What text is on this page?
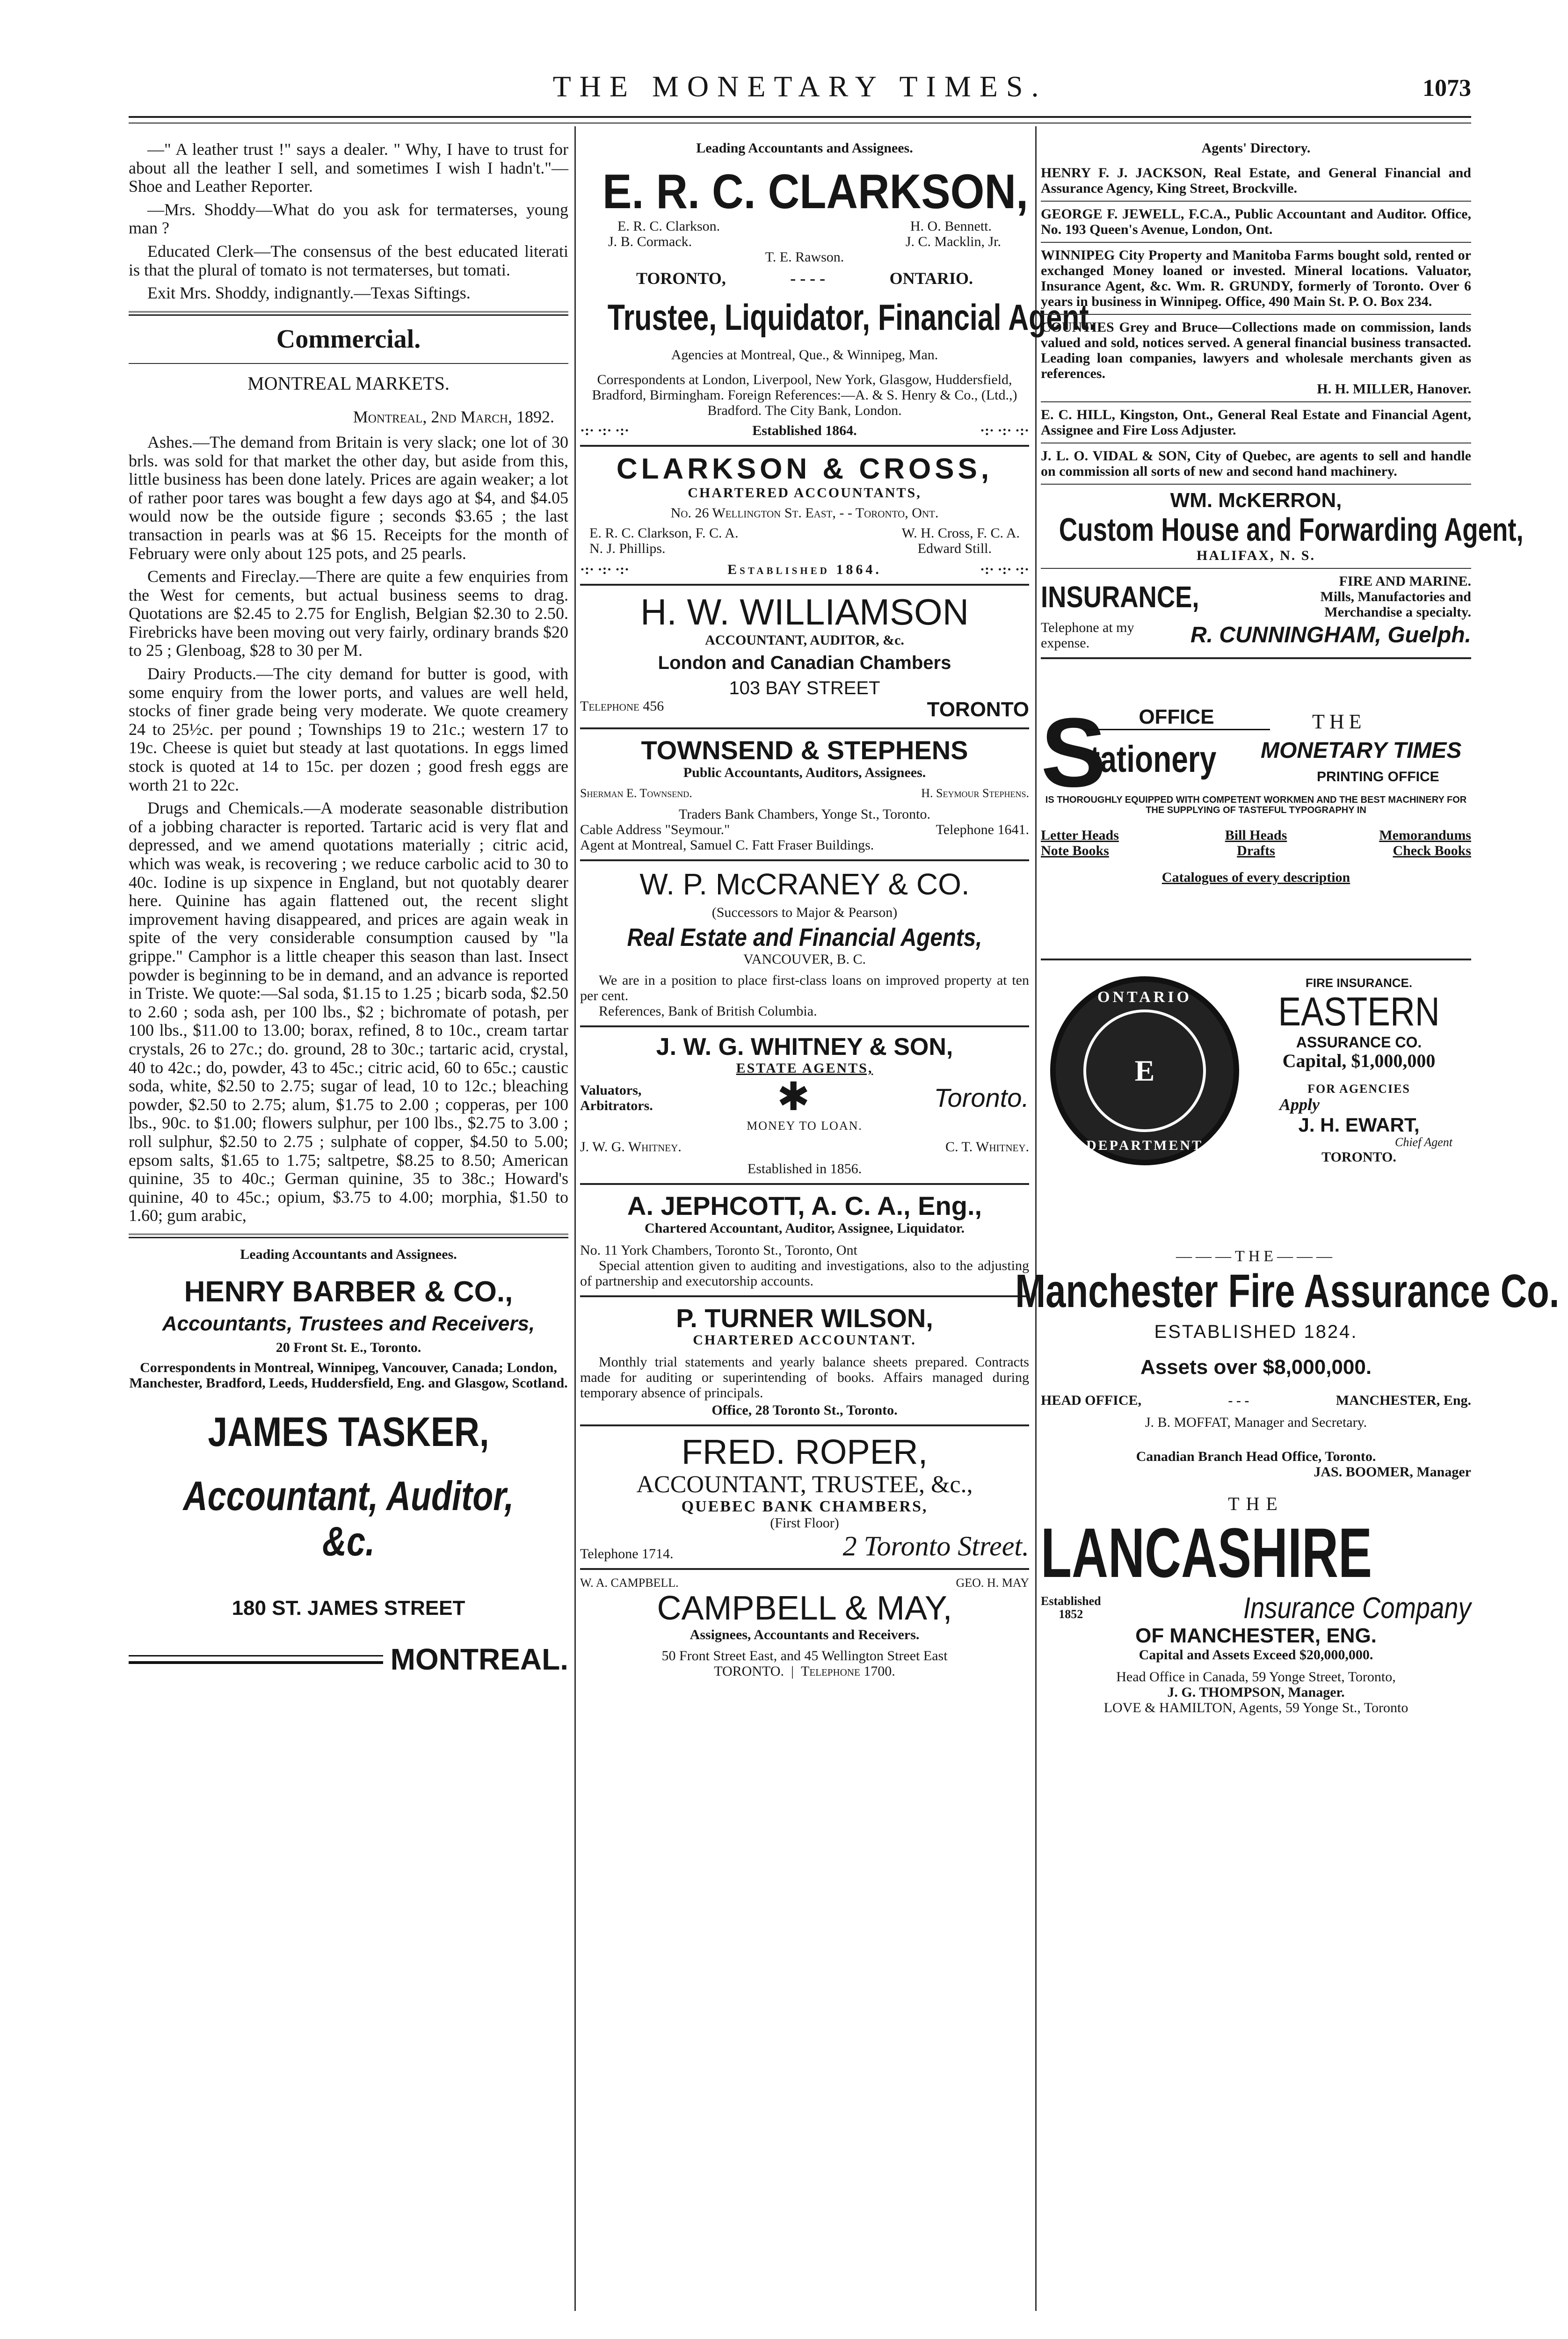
THE MONETARY TIMES.	1073

—" A leather trust !" says a dealer. " Why, I have to trust for about all the leather I sell, and sometimes I wish I hadn't."—Shoe and Leather Reporter.

—Mrs. Shoddy—What do you ask for termaterses, young man ?

Educated Clerk—The consensus of the best educated literati is that the plural of tomato is not termaterses, but tomati.

Exit Mrs. Shoddy, indignantly.—Texas Siftings.

Commercial.
MONTREAL MARKETS.
Montreal, 2nd March, 1892.

Ashes.—The demand from Britain is very slack; one lot of 30 brls. was sold for that market the other day, but aside from this, little business has been done lately. Prices are again weaker; a lot of rather poor tares was bought a few days ago at $4, and $4.05 would now be the outside figure ; seconds $3.65 ; the last transaction in pearls was at $6 15. Receipts for the month of February were only about 125 pots, and 25 pearls.

Cements and Fireclay.—There are quite a few enquiries from the West for cements, but actual business seems to drag. Quotations are $2.45 to 2.75 for English, Belgian $2.30 to 2.50. Firebricks have been moving out very fairly, ordinary brands $20 to 25 ; Glenboag, $28 to 30 per M.

Dairy Products.—The city demand for butter is good, with some enquiry from the lower ports, and values are well held, stocks of finer grade being very moderate. We quote creamery 24 to 25½c. per pound ; Townships 19 to 21c.; western 17 to 19c. Cheese is quiet but steady at last quotations. In eggs limed stock is quoted at 14 to 15c. per dozen ; good fresh eggs are worth 21 to 22c.

Drugs and Chemicals.—A moderate seasonable distribution of a jobbing character is reported. Tartaric acid is very flat and depressed, and we amend quotations materially ; citric acid, which was weak, is recovering ; we reduce carbolic acid to 30 to 40c. Iodine is up sixpence in England, but not quotably dearer here. Quinine has again flattened out, the recent slight improvement having disappeared, and prices are again weak in spite of the very considerable consumption caused by "la grippe." Camphor is a little cheaper this season than last. Insect powder is beginning to be in demand, and an advance is reported in Triste. We quote:—Sal soda, $1.15 to 1.25 ; bicarb soda, $2.50 to 2.60 ; soda ash, per 100 lbs., $2 ; bichromate of potash, per 100 lbs., $11.00 to 13.00; borax, refined, 8 to 10c., cream tartar crystals, 26 to 27c.; do. ground, 28 to 30c.; tartaric acid, crystal, 40 to 42c.; do, powder, 43 to 45c.; citric acid, 60 to 65c.; caustic soda, white, $2.50 to 2.75; sugar of lead, 10 to 12c.; bleaching powder, $2.50 to 2.75; alum, $1.75 to 2.00 ; copperas, per 100 lbs., 90c. to $1.00; flowers sulphur, per 100 lbs., $2.75 to 3.00 ; roll sulphur, $2.50 to 2.75 ; sulphate of copper, $4.50 to 5.00; epsom salts, $1.65 to 1.75; saltpetre, $8.25 to 8.50; American quinine, 35 to 40c.; German quinine, 35 to 38c.; Howard's quinine, 40 to 45c.; opium, $3.75 to 4.00; morphia, $1.50 to 1.60; gum arabic,

Leading Accountants and Assignees.
HENRY BARBER & CO.,
Accountants, Trustees and Receivers,
20 Front St. E., Toronto.
Correspondents in Montreal, Winnipeg, Vancouver, Canada; London, Manchester, Bradford, Leeds, Huddersfield, Eng. and Glasgow, Scotland.
JAMES TASKER,
Accountant, Auditor, &c.
180 ST. JAMES STREET
MONTREAL.
Leading Accountants and Assignees.
E. R. C. CLARKSON,
E. R. C. Clarkson.	H. O. Bennett.
J. B. Cormack.	J. C. Macklin, Jr.
T. E. Rawson.
TORONTO,	- - - -	ONTARIO.
Trustee, Liquidator, Financial Agent.
Agencies at Montreal, Que., & Winnipeg, Man.
Correspondents at London, Liverpool, New York, Glasgow, Huddersfield, Bradford, Birmingham. Foreign References:—A. & S. Henry & Co., (Ltd.,) Bradford. The City Bank, London.
·:· ·:· ·:·	Established 1864.	·:· ·:· ·:·
CLARKSON & CROSS,
CHARTERED ACCOUNTANTS,
No. 26 Wellington St. East, - - Toronto, Ont.
E. R. C. Clarkson, F. C. A.	W. H. Cross, F. C. A.
N. J. Phillips.	Edward Still.
·:· ·:· ·:·	Established 1864.	·:· ·:· ·:·
H. W. WILLIAMSON
ACCOUNTANT, AUDITOR, &c.
London and Canadian Chambers
103 BAY STREET
Telephone 456	TORONTO
TOWNSEND & STEPHENS
Public Accountants, Auditors, Assignees.
Sherman E. Townsend.	H. Seymour Stephens.
Traders Bank Chambers, Yonge St., Toronto.
Cable Address "Seymour."	Telephone 1641.
Agent at Montreal, Samuel C. Fatt Fraser Buildings.
W. P. McCRANEY & CO.
(Successors to Major & Pearson)
Real Estate and Financial Agents,
VANCOUVER, B. C.

We are in a position to place first-class loans on improved property at ten per cent.

References, Bank of British Columbia.
J. W. G. WHITNEY & SON,
ESTATE AGENTS,
Valuators,
Arbitrators.	✱	Toronto.
MONEY TO LOAN.
J. W. G. Whitney.	C. T. Whitney.
Established in 1856.
A. JEPHCOTT, A. C. A., Eng.,
Chartered Accountant, Auditor, Assignee, Liquidator.
No. 11 York Chambers, Toronto St., Toronto, Ont

Special attention given to auditing and investigations, also to the adjusting of partnership and executorship accounts.

P. TURNER WILSON,
CHARTERED ACCOUNTANT.

Monthly trial statements and yearly balance sheets prepared. Contracts made for auditing or superintending of books. Affairs managed during temporary absence of principals.

Office, 28 Toronto St., Toronto.
FRED. ROPER,
ACCOUNTANT, TRUSTEE, &c.,
QUEBEC BANK CHAMBERS,
(First Floor)
Telephone 1714.	2 Toronto Street.
W. A. CAMPBELL.	GEO. H. MAY
CAMPBELL & MAY,
Assignees, Accountants and Receivers.
50 Front Street East, and 45 Wellington Street East
TORONTO.  |  Telephone 1700.
Agents' Directory.

HENRY F. J. JACKSON, Real Estate, and General Financial and Assurance Agency, King Street, Brockville.

GEORGE F. JEWELL, F.C.A., Public Accountant and Auditor. Office, No. 193 Queen's Avenue, London, Ont.

WINNIPEG City Property and Manitoba Farms bought sold, rented or exchanged Money loaned or invested. Mineral locations. Valuator, Insurance Agent, &c. Wm. R. GRUNDY, formerly of Toronto. Over 6 years in business in Winnipeg. Office, 490 Main St. P. O. Box 234.

COUNTIES Grey and Bruce—Collections made on commission, lands valued and sold, notices served. A general financial business transacted. Leading loan companies, lawyers and wholesale merchants given as references.

H. H. MILLER, Hanover.

E. C. HILL, Kingston, Ont., General Real Estate and Financial Agent, Assignee and Fire Loss Adjuster.

J. L. O. VIDAL & SON, City of Quebec, are agents to sell and handle on commission all sorts of new and second hand machinery.

WM. McKERRON,
Custom House and Forwarding Agent,
HALIFAX, N. S.
INSURANCE,	FIRE AND MARINE.
Mills, Manufactories and
Merchandise a specialty.
Telephone at my expense.	R. CUNNINGHAM, Guelph.
S	OFFICE
tationery
THE
MONETARY TIMES
PRINTING OFFICE
IS THOROUGHLY EQUIPPED WITH COMPETENT WORKMEN AND THE BEST MACHINERY FOR THE SUPPLYING OF TASTEFUL TYPOGRAPHY IN
Letter Heads	Bill Heads	Memorandums
Note Books	Drafts	Check Books
Catalogues of every description
ONTARIO
E
DEPARTMENT
FIRE INSURANCE.
EASTERN
ASSURANCE CO.
Capital, $1,000,000
FOR AGENCIES
Apply
J. H. EWART,
Chief Agent
TORONTO.
———THE———
Manchester Fire Assurance Co.
ESTABLISHED 1824.
Assets over $8,000,000.
HEAD OFFICE,	- - -	MANCHESTER, Eng.
J. B. MOFFAT, Manager and Secretary.
Canadian Branch Head Office, Toronto.
JAS. BOOMER, Manager
THE
LANCASHIRE
Established
1852	Insurance Company
OF MANCHESTER, ENG.
Capital and Assets Exceed $20,000,000.
Head Office in Canada, 59 Yonge Street, Toronto,
J. G. THOMPSON, Manager.
LOVE & HAMILTON, Agents, 59 Yonge St., Toronto
